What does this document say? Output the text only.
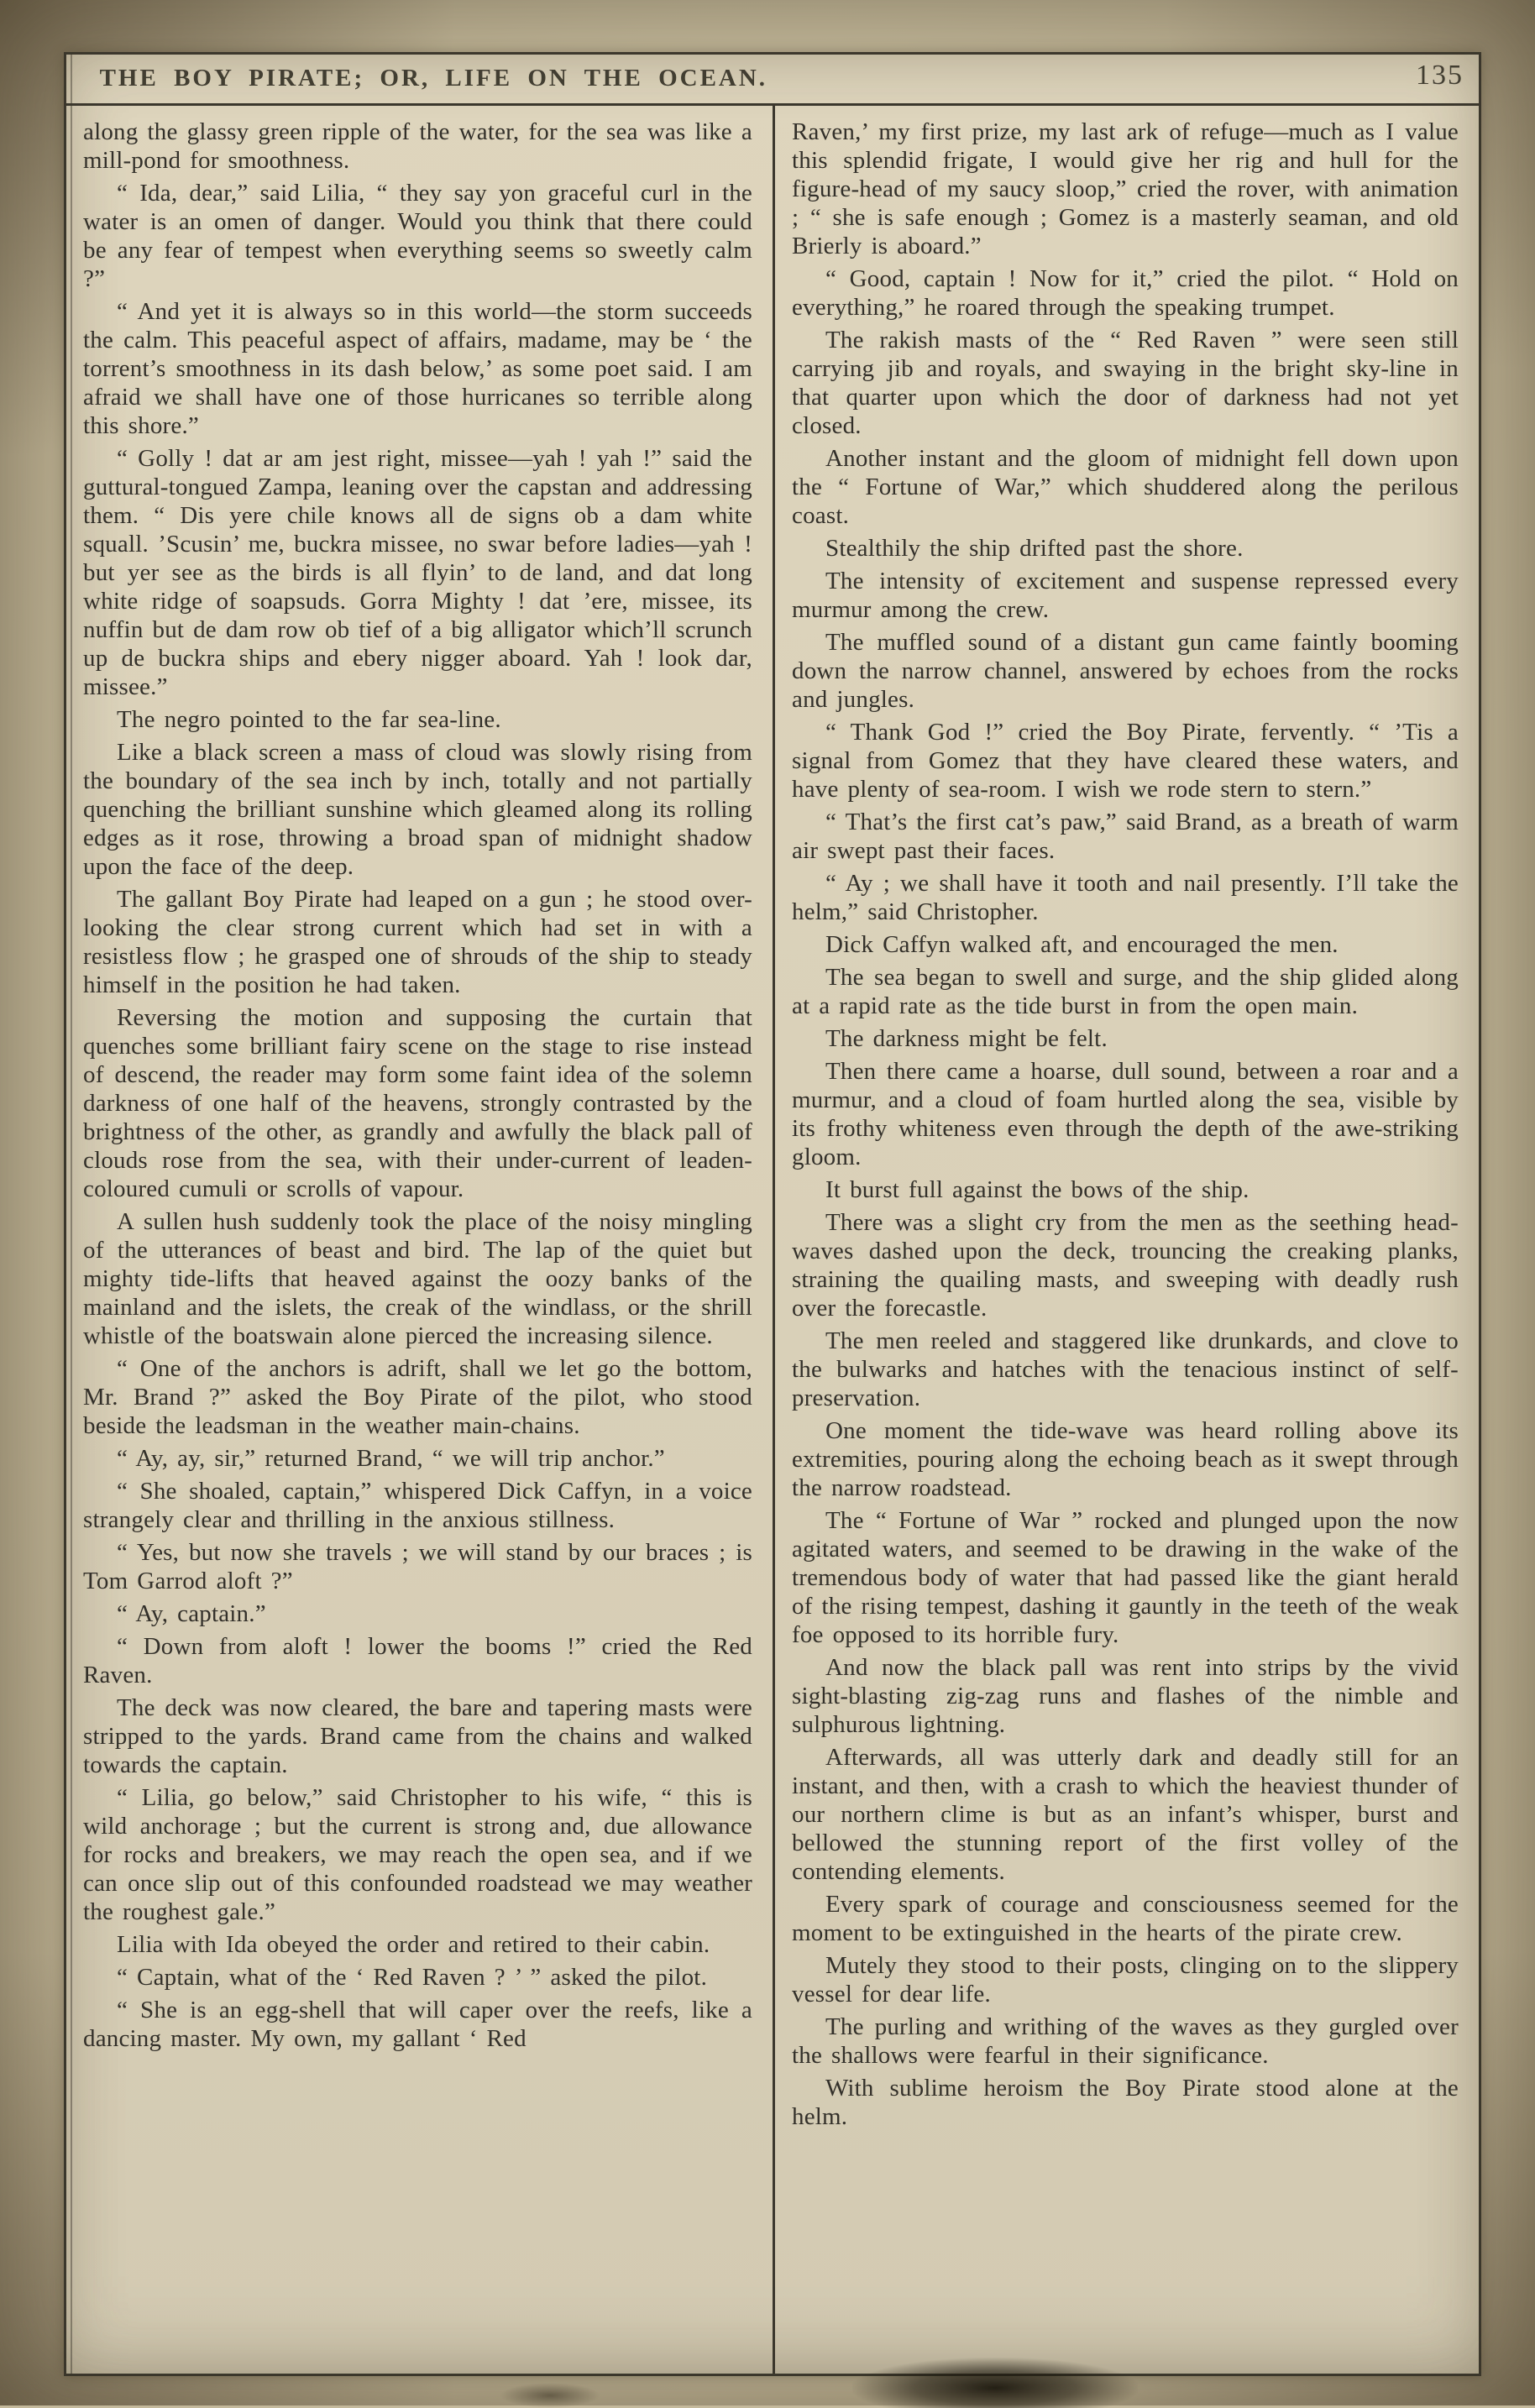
THE BOY PIRATE; OR, LIFE ON THE OCEAN.	135

along the glassy green ripple of the water, for the sea was like a mill-pond for smoothness.

“ Ida, dear,” said Lilia, “ they say yon graceful curl in the water is an omen of danger. Would you think that there could be any fear of tempest when everything seems so sweetly calm ?”

“ And yet it is always so in this world—the storm succeeds the calm. This peaceful aspect of affairs, madame, may be ‘ the torrent’s smoothness in its dash below,’ as some poet said. I am afraid we shall have one of those hurricanes so terrible along this shore.”

“ Golly ! dat ar am jest right, missee—yah ! yah !” said the guttural-tongued Zampa, leaning over the capstan and addressing them. “ Dis yere chile knows all de signs ob a dam white squall. ’Scusin’ me, buckra missee, no swar before ladies—yah ! but yer see as the birds is all flyin’ to de land, and dat long white ridge of soapsuds. Gorra Mighty ! dat ’ere, missee, its nuffin but de dam row ob tief of a big alligator which’ll scrunch up de buckra ships and ebery nigger aboard. Yah ! look dar, missee.”

The negro pointed to the far sea-line.

Like a black screen a mass of cloud was slowly rising from the boundary of the sea inch by inch, totally and not partially quenching the brilliant sunshine which gleamed along its rolling edges as it rose, throwing a broad span of midnight shadow upon the face of the deep.

The gallant Boy Pirate had leaped on a gun ; he stood over-looking the clear strong current which had set in with a resistless flow ; he grasped one of shrouds of the ship to steady himself in the position he had taken.

Reversing the motion and supposing the curtain that quenches some brilliant fairy scene on the stage to rise instead of descend, the reader may form some faint idea of the solemn darkness of one half of the heavens, strongly contrasted by the brightness of the other, as grandly and awfully the black pall of clouds rose from the sea, with their under-current of leaden-coloured cumuli or scrolls of vapour.

A sullen hush suddenly took the place of the noisy mingling of the utterances of beast and bird. The lap of the quiet but mighty tide-lifts that heaved against the oozy banks of the mainland and the islets, the creak of the windlass, or the shrill whistle of the boatswain alone pierced the increasing silence.

“ One of the anchors is adrift, shall we let go the bottom, Mr. Brand ?” asked the Boy Pirate of the pilot, who stood beside the leadsman in the weather main-chains.

“ Ay, ay, sir,” returned Brand, “ we will trip anchor.”

“ She shoaled, captain,” whispered Dick Caffyn, in a voice strangely clear and thrilling in the anxious stillness.

“ Yes, but now she travels ; we will stand by our braces ; is Tom Garrod aloft ?”

“ Ay, captain.”

“ Down from aloft ! lower the booms !” cried the Red Raven.

The deck was now cleared, the bare and tapering masts were stripped to the yards. Brand came from the chains and walked towards the captain.

“ Lilia, go below,” said Christopher to his wife, “ this is wild anchorage ; but the current is strong and, due allowance for rocks and breakers, we may reach the open sea, and if we can once slip out of this confounded roadstead we may weather the roughest gale.”

Lilia with Ida obeyed the order and retired to their cabin.

“ Captain, what of the ‘ Red Raven ? ’ ” asked the pilot.

“ She is an egg-shell that will caper over the reefs, like a dancing master. My own, my gallant ‘ Red

Raven,’ my first prize, my last ark of refuge—much as I value this splendid frigate, I would give her rig and hull for the figure-head of my saucy sloop,” cried the rover, with animation ; “ she is safe enough ; Gomez is a masterly seaman, and old Brierly is aboard.”

“ Good, captain ! Now for it,” cried the pilot. “ Hold on everything,” he roared through the speaking trumpet.

The rakish masts of the “ Red Raven ” were seen still carrying jib and royals, and swaying in the bright sky-line in that quarter upon which the door of darkness had not yet closed.

Another instant and the gloom of midnight fell down upon the “ Fortune of War,” which shuddered along the perilous coast.

Stealthily the ship drifted past the shore.

The intensity of excitement and suspense repressed every murmur among the crew.

The muffled sound of a distant gun came faintly booming down the narrow channel, answered by echoes from the rocks and jungles.

“ Thank God !” cried the Boy Pirate, fervently. “ ’Tis a signal from Gomez that they have cleared these waters, and have plenty of sea-room. I wish we rode stern to stern.”

“ That’s the first cat’s paw,” said Brand, as a breath of warm air swept past their faces.

“ Ay ; we shall have it tooth and nail presently. I’ll take the helm,” said Christopher.

Dick Caffyn walked aft, and encouraged the men.

The sea began to swell and surge, and the ship glided along at a rapid rate as the tide burst in from the open main.

The darkness might be felt.

Then there came a hoarse, dull sound, between a roar and a murmur, and a cloud of foam hurtled along the sea, visible by its frothy whiteness even through the depth of the awe-striking gloom.

It burst full against the bows of the ship.

There was a slight cry from the men as the seething head-waves dashed upon the deck, trouncing the creaking planks, straining the quailing masts, and sweeping with deadly rush over the forecastle.

The men reeled and staggered like drunkards, and clove to the bulwarks and hatches with the tenacious instinct of self-preservation.

One moment the tide-wave was heard rolling above its extremities, pouring along the echoing beach as it swept through the narrow roadstead.

The “ Fortune of War ” rocked and plunged upon the now agitated waters, and seemed to be drawing in the wake of the tremendous body of water that had passed like the giant herald of the rising tempest, dashing it gauntly in the teeth of the weak foe opposed to its horrible fury.

And now the black pall was rent into strips by the vivid sight-blasting zig-zag runs and flashes of the nimble and sulphurous lightning.

Afterwards, all was utterly dark and deadly still for an instant, and then, with a crash to which the heaviest thunder of our northern clime is but as an infant’s whisper, burst and bellowed the stunning report of the first volley of the contending elements.

Every spark of courage and consciousness seemed for the moment to be extinguished in the hearts of the pirate crew.

Mutely they stood to their posts, clinging on to the slippery vessel for dear life.

The purling and writhing of the waves as they gurgled over the shallows were fearful in their significance.

With sublime heroism the Boy Pirate stood alone at the helm.
